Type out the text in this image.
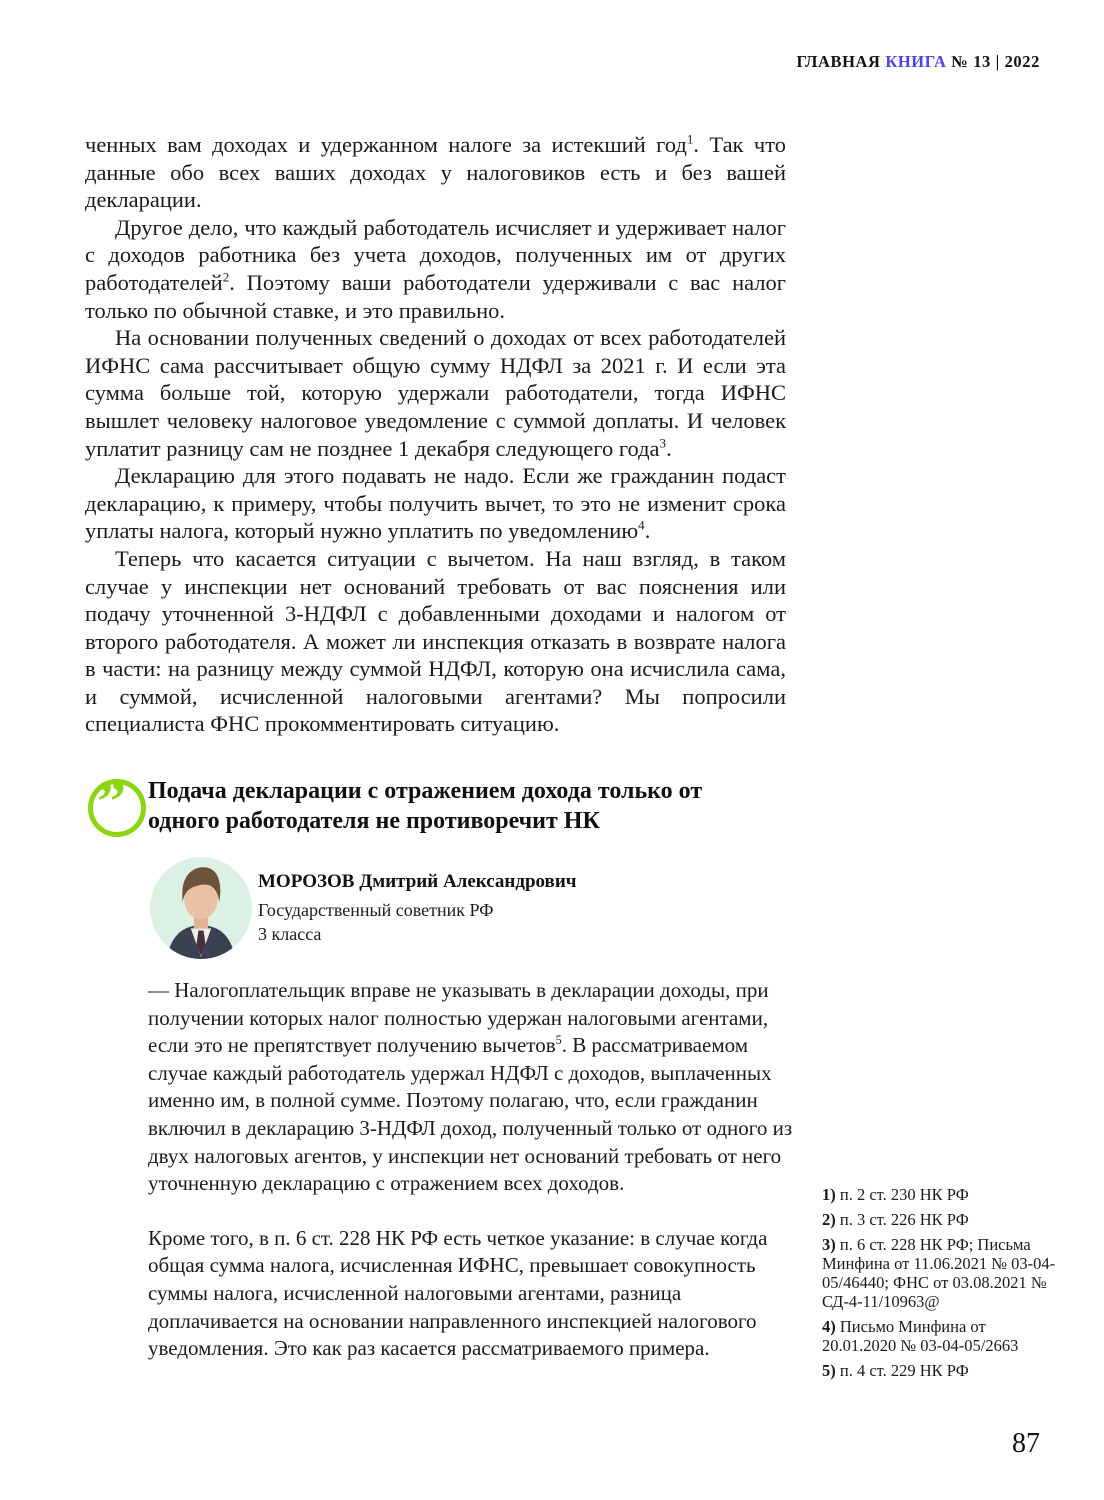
ГЛАВНАЯ КНИГА № 13 | 2022

ченных вам доходах и удержанном налоге за истекший год$^1$. Так что данные обо всех ваших доходах у налоговиков есть и без вашей декларации.

Другое дело, что каждый работодатель исчисляет и удерживает налог с доходов работника без учета доходов, полученных им от других работодателей$^2$. Поэтому ваши работодатели удерживали с вас налог только по обычной ставке, и это правильно.

На основании полученных сведений о доходах от всех работодателей ИФНС сама рассчитывает общую сумму НДФЛ за 2021 г. И если эта сумма больше той, которую удержали работодатели, тогда ИФНС вышлет человеку налоговое уведомление с суммой доплаты. И человек уплатит разницу сам не позднее 1 декабря следующего года$^3$.

Декларацию для этого подавать не надо. Если же гражданин подаст декларацию, к примеру, чтобы получить вычет, то это не изменит срока уплаты налога, который нужно уплатить по уведомлению$^4$.

Теперь что касается ситуации с вычетом. На наш взгляд, в таком случае у инспекции нет оснований требовать от вас пояснения или подачу уточненной 3-НДФЛ с добавленными доходами и налогом от второго работодателя. А может ли инспекция отказать в возврате налога в части: на разницу между суммой НДФЛ, которую она исчислила сама, и суммой, исчисленной налоговыми агентами? Мы попросили специалиста ФНС прокомментировать ситуацию.

” Подача декларации с отражением дохода только от одного работодателя не противоречит НК

МОРОЗОВ Дмитрий Александрович

Государственный советник РФ

3 класса

— Налогоплательщик вправе не указывать в декларации доходы, при получении которых налог полностью удержан налоговыми агентами, если это не препятствует получению вычетов$^5$. В рассматриваемом случае каждый работодатель удержал НДФЛ с доходов, выплаченных именно им, в полной сумме. Поэтому полагаю, что, если гражданин включил в декларацию 3-НДФЛ доход, полученный только от одного из двух налоговых агентов, у инспекции нет оснований требовать от него уточненную декларацию с отражением всех доходов.

Кроме того, в п. 6 ст. 228 НК РФ есть четкое указание: в случае когда общая сумма налога, исчисленная ИФНС, превышает совокупность суммы налога, исчисленной налоговыми агентами, разница доплачивается на основании направленного инспекцией налогового уведомления. Это как раз касается рассматриваемого примера.

1) п. 2 ст. 230 НК РФ

2) п. 3 ст. 226 НК РФ

3) п. 6 ст. 228 НК РФ; Письма Минфина от 11.06.2021 № 03-04-05/46440; ФНС от 03.08.2021 № СД-4-11/10963@

4) Письмо Минфина от 20.01.2020 № 03-04-05/2663

5) п. 4 ст. 229 НК РФ

87
